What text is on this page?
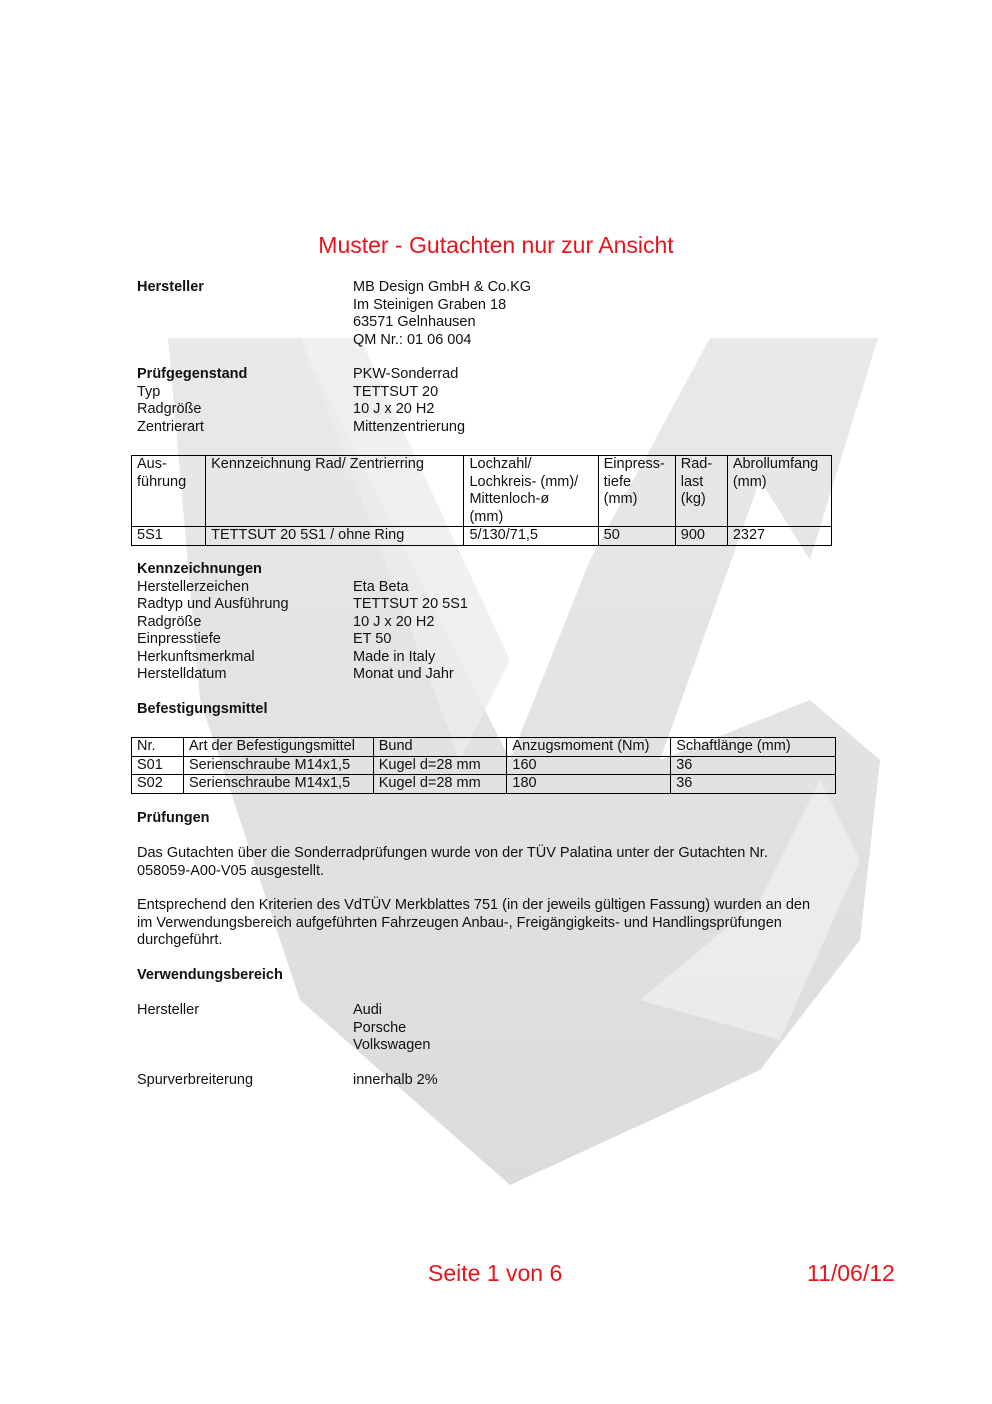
Muster - Gutachten nur zur Ansicht
Hersteller	MB Design GmbH & Co.KG
Im Steinigen Graben 18
63571 Gelnhausen
QM Nr.: 01 06 004
Prüfgegenstand	PKW-Sonderrad
Typ	TETTSUT 20
Radgröße	10 J x 20 H2
Zentrierart	Mittenzentrierung
Aus-
führung	Kennzeichnung Rad/ Zentrierring	Lochzahl/
Lochkreis- (mm)/
Mittenloch-ø
(mm)	Einpress-
tiefe
(mm)	Rad-
last
(kg)	Abrollumfang
(mm)
5S1	TETTSUT 20 5S1 / ohne Ring	5/130/71,5	50	900	2327
Kennzeichnungen
Herstellerzeichen	Eta Beta
Radtyp und Ausführung	TETTSUT 20 5S1
Radgröße	10 J x 20 H2
Einpresstiefe	ET 50
Herkunftsmerkmal	Made in Italy
Herstelldatum	Monat und Jahr
Befestigungsmittel
Nr.	Art der Befestigungsmittel	Bund	Anzugsmoment (Nm)	Schaftlänge (mm)
S01	Serienschraube M14x1,5	Kugel d=28 mm	160	36
S02	Serienschraube M14x1,5	Kugel d=28 mm	180	36
Prüfungen
Das Gutachten über die Sonderradprüfungen wurde von der TÜV Palatina unter der Gutachten Nr. 058059-A00-V05 ausgestellt.
Entsprechend den Kriterien des VdTÜV Merkblattes 751 (in der jeweils gültigen Fassung) wurden an den im Verwendungsbereich aufgeführten Fahrzeugen Anbau-, Freigängigkeits- und Handlingsprüfungen durchgeführt.
Verwendungsbereich
Hersteller	Audi
Porsche
Volkswagen
Spurverbreiterung	innerhalb 2%
Seite 1 von 6	11/06/12
